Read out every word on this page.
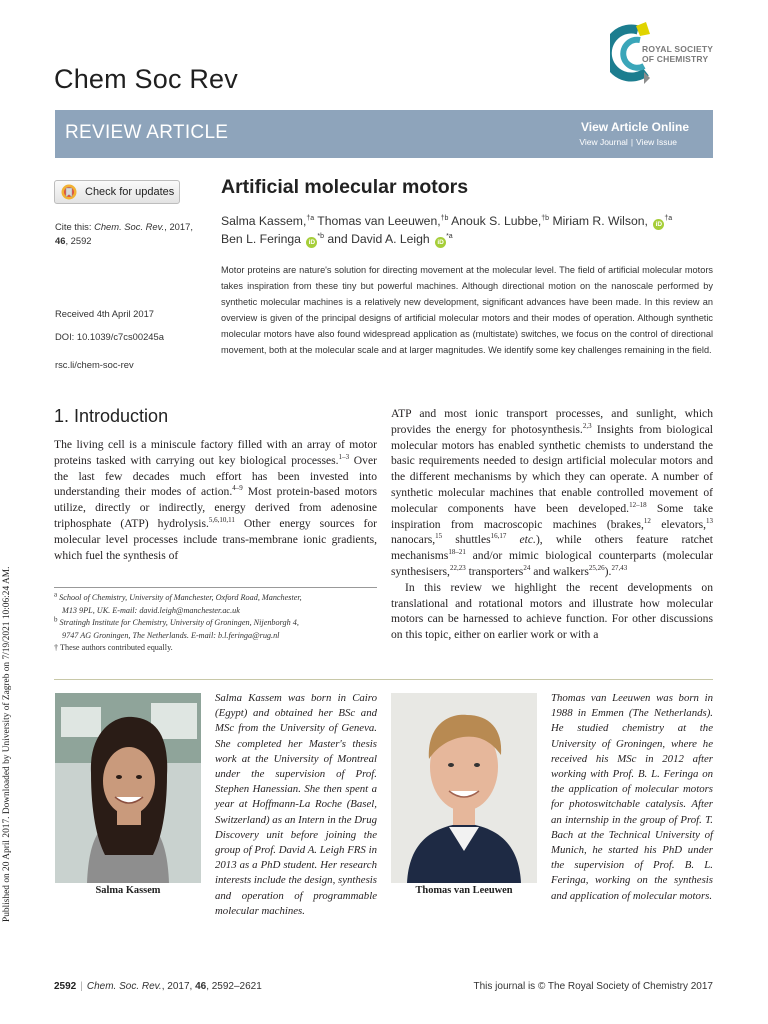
Published on 20 April 2017. Downloaded by University of Zagreb on 7/19/2021 10:06:24 AM.
ROYAL SOCIETY
OF CHEMISTRY
Chem Soc Rev
REVIEW ARTICLE	View Article Online
View Journal | View Issue
Check for updates
Cite this: Chem. Soc. Rev., 2017,
46, 2592
Received 4th April 2017
DOI: 10.1039/c7cs00245a
rsc.li/chem-soc-rev
Artificial molecular motors
Salma Kassem,$^{\dagger a}$ Thomas van Leeuwen,$^{\dagger b}$ Anouk S. Lubbe,$^{\dagger b}$ Miriam R. Wilson, $iD^{\dagger a}$
Ben L. Feringa $iD^{*b}$ and David A. Leigh $iD^{*a}$
Motor proteins are nature's solution for directing movement at the molecular level. The field of artificial molecular motors takes inspiration from these tiny but powerful machines. Although directional motion on the nanoscale performed by synthetic molecular machines is a relatively new development, significant advances have been made. In this review an overview is given of the principal designs of artificial molecular motors and their modes of operation. Although synthetic molecular motors have also found widespread application as (multistate) switches, we focus on the control of directional movement, both at the molecular scale and at larger magnitudes. We identify some key challenges remaining in the field.
1. Introduction
The living cell is a miniscule factory filled with an array of motor proteins tasked with carrying out key biological processes.$^{1-3}$ Over the last few decades much effort has been invested into understanding their modes of action.$^{4-9}$ Most protein-based motors utilize, directly or indirectly, energy derived from adenosine triphosphate (ATP) hydrolysis.$^{5,6,10,11}$ Other energy sources for molecular level processes include trans-membrane ionic gradients, which fuel the synthesis of

ATP and most ionic transport processes, and sunlight, which provides the energy for photosynthesis.$^{2,3}$ Insights from biological molecular motors has enabled synthetic chemists to understand the basic requirements needed to design artificial molecular motors and the different mechanisms by which they can operate. A number of synthetic molecular machines that enable controlled movement of molecular components have been developed.$^{12-18}$ Some take inspiration from macroscopic machines (brakes,$^{12}$ elevators,$^{13}$ nanocars,$^{15}$ shuttles$^{16,17}$ etc.), while others feature ratchet mechanisms$^{18-21}$ and/or mimic biological counterparts (molecular synthesisers,$^{22,23}$ transporters$^{24}$ and walkers$^{25,26}$).$^{27,43}$

In this review we highlight the recent developments on translational and rotational motors and illustrate how molecular motors can be harnessed to achieve function. For other discussions on this topic, either on earlier work or with a

$^a$ School of Chemistry, University of Manchester, Oxford Road, Manchester,
M13 9PL, UK. E-mail: david.leigh@manchester.ac.uk
$^b$ Stratingh Institute for Chemistry, University of Groningen, Nijenborgh 4,
9747 AG Groningen, The Netherlands. E-mail: b.l.feringa@rug.nl
† These authors contributed equally.
Salma Kassem
Salma Kassem was born in Cairo (Egypt) and obtained her BSc and MSc from the University of Geneva. She completed her Master's thesis work at the University of Montreal under the supervision of Prof. Stephen Hanessian. She then spent a year at Hoffmann-La Roche (Basel, Switzerland) as an Intern in the Drug Discovery unit before joining the group of Prof. David A. Leigh FRS in 2013 as a PhD student. Her research interests include the design, synthesis and operation of programmable molecular machines.
Thomas van Leeuwen
Thomas van Leeuwen was born in 1988 in Emmen (The Netherlands). He studied chemistry at the University of Groningen, where he received his MSc in 2012 after working with Prof. B. L. Feringa on the application of molecular motors for photoswitchable catalysis. After an internship in the group of Prof. T. Bach at the Technical University of Munich, he started his PhD under the supervision of Prof. B. L. Feringa, working on the synthesis and application of molecular motors.
2592 | Chem. Soc. Rev., 2017, 46, 2592–2621	This journal is © The Royal Society of Chemistry 2017
